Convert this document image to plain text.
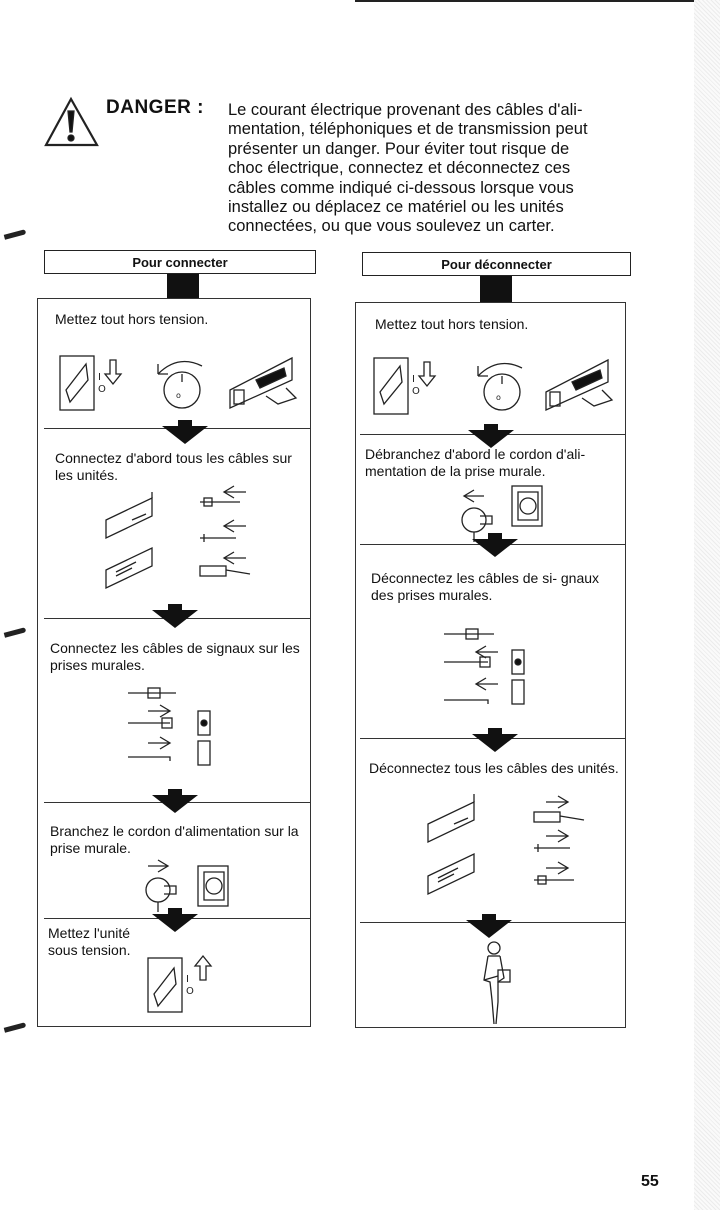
DANGER : Le courant électrique provenant des câbles d'ali-
mentation, téléphoniques et de transmission peut
présenter un danger. Pour éviter tout risque de
choc électrique, connectez et déconnectez ces
câbles comme indiqué ci-dessous lorsque vous
installez ou déplacez ce matériel ou les unités
connectées, ou que vous soulevez un carter.
Pour connecter
Mettez tout hors tension.
I
O
o
Connectez d'abord tous les câbles sur les unités.
Connectez les câbles de signaux sur les prises murales.
Branchez le cordon d'alimentation sur la prise murale.
Mettez l'unité sous tension.
I
O
Pour déconnecter
Mettez tout hors tension.
I
O
o
Débranchez d'abord le cordon d'ali- mentation de la prise murale.
Déconnectez les câbles de si- gnaux des prises murales.
Déconnectez tous les câbles des unités.
55
